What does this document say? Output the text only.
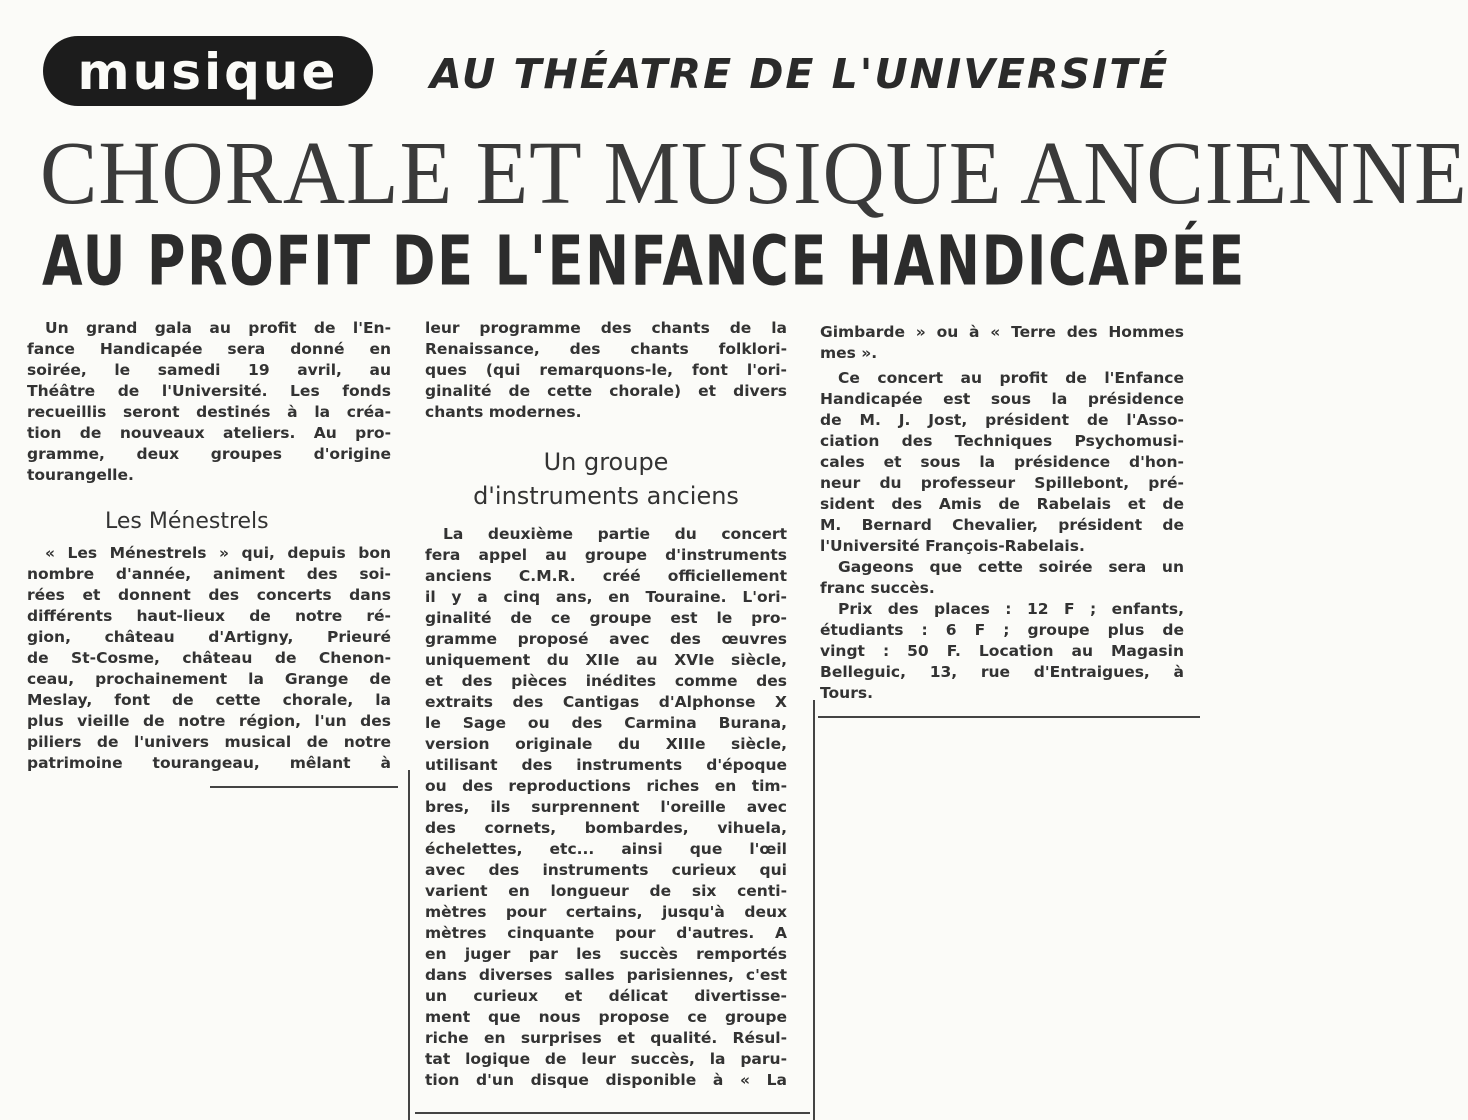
musique	AU THÉATRE DE L'UNIVERSITÉ
CHORALE ET MUSIQUE ANCIENNE
AU PROFIT DE L'ENFANCE HANDICAPÉE

Un grand gala au profit de l'En-
fance Handicapée sera donné en
soirée, le samedi 19 avril, au
Théâtre de l'Université. Les fonds
recueillis seront destinés à la créa-
tion de nouveaux ateliers. Au pro-
gramme, deux groupes d'origine
tourangelle.

Les Ménestrels

« Les Ménestrels » qui, depuis bon
nombre d'année, animent des soi-
rées et donnent des concerts dans
différents haut-lieux de notre ré-
gion, château d'Artigny, Prieuré
de St-Cosme, château de Chenon-
ceau, prochainement la Grange de
Meslay, font de cette chorale, la
plus vieille de notre région, l'un des
piliers de l'univers musical de notre
patrimoine tourangeau, mêlant à

leur programme des chants de la
Renaissance, des chants folklori-
ques (qui remarquons-le, font l'ori-
ginalité de cette chorale) et divers
chants modernes.

Un groupe
d'instruments anciens

La deuxième partie du concert
fera appel au groupe d'instruments
anciens C.M.R. créé officiellement
il y a cinq ans, en Touraine. L'ori-
ginalité de ce groupe est le pro-
gramme proposé avec des œuvres
uniquement du XIIe au XVIe siècle,
et des pièces inédites comme des
extraits des Cantigas d'Alphonse X
le Sage ou des Carmina Burana,
version originale du XIIIe siècle,
utilisant des instruments d'époque
ou des reproductions riches en tim-
bres, ils surprennent l'oreille avec
des cornets, bombardes, vihuela,
échelettes, etc... ainsi que l'œil
avec des instruments curieux qui
varient en longueur de six centi-
mètres pour certains, jusqu'à deux
mètres cinquante pour d'autres. A
en juger par les succès remportés
dans diverses salles parisiennes, c'est
un curieux et délicat divertisse-
ment que nous propose ce groupe
riche en surprises et qualité. Résul-
tat logique de leur succès, la paru-
tion d'un disque disponible à « La

Gimbarde » ou à « Terre des Hommes
mes ».

Ce concert au profit de l'Enfance
Handicapée est sous la présidence
de M. J. Jost, président de l'Asso-
ciation des Techniques Psychomusi-
cales et sous la présidence d'hon-
neur du professeur Spillebont, pré-
sident des Amis de Rabelais et de
M. Bernard Chevalier, président de
l'Université François-Rabelais.

Gageons que cette soirée sera un
franc succès.

Prix des places : 12 F ; enfants,
étudiants : 6 F ; groupe plus de
vingt : 50 F. Location au Magasin
Belleguic, 13, rue d'Entraigues, à
Tours.
